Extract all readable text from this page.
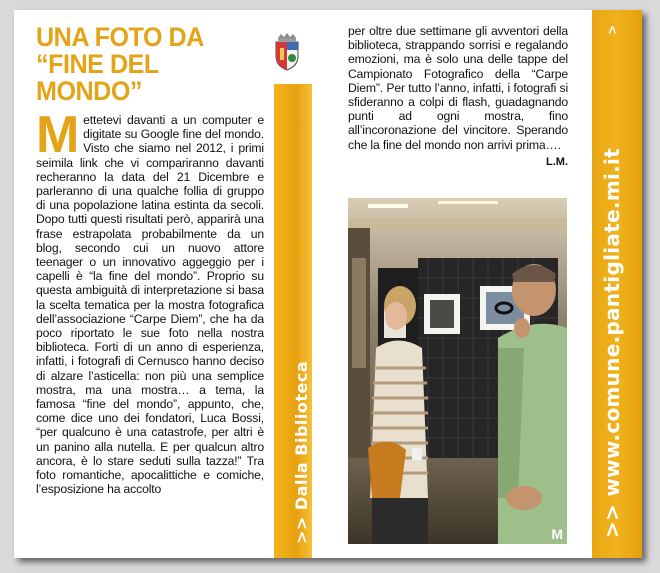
UNA FOTO DA
“FINE DEL MONDO”
Mettetevi davanti a un computer e digitate su Google fine del mondo. Visto che siamo nel 2012, i primi seimila link che vi compariranno davanti recheranno la data del 21 Dicembre e parleranno di una qualche follia di gruppo di una popolazione latina estinta da secoli. Dopo tutti questi risultati però, apparirà una frase estrapolata probabilmente da un blog, secondo cui un nuovo attore teenager o un innovativo aggeggio per i capelli è “la fine del mondo”. Proprio su questa ambiguità di interpretazione si basa la scelta tematica per la mostra fotografica dell’associazione “Carpe Diem”, che ha da poco riportato le sue foto nella nostra biblioteca. Forti di un anno di esperienza, infatti, i fotografi di Cernusco hanno deciso di alzare l’asticella: non più una semplice mostra, ma una mostra… a tema, la famosa “fine del mondo”, appunto, che, come dice uno dei fondatori, Luca Bossi, “per qualcuno è una catastrofe, per altri è un panino alla nutella. E per qualcun altro ancora, è lo stare seduti sulla tazza!” Tra foto romantiche, apocalittiche e comiche, l’esposizione ha accolto	>> Dalla Biblioteca

per oltre due settimane gli avventori della biblioteca, strappando sorrisi e regalando emozioni, ma è solo una delle tappe del Campionato Fotografico della “Carpe Diem”. Per tutto l’anno, infatti, i fotografi si sfideranno a colpi di flash, guadagnando punti ad ogni mostra, fino all’incoronazione del vincitore. Sperando che la fine del mondo non arrivi prima….

L.M.
M
>
>> www.comune.pantigliate.mi.it
